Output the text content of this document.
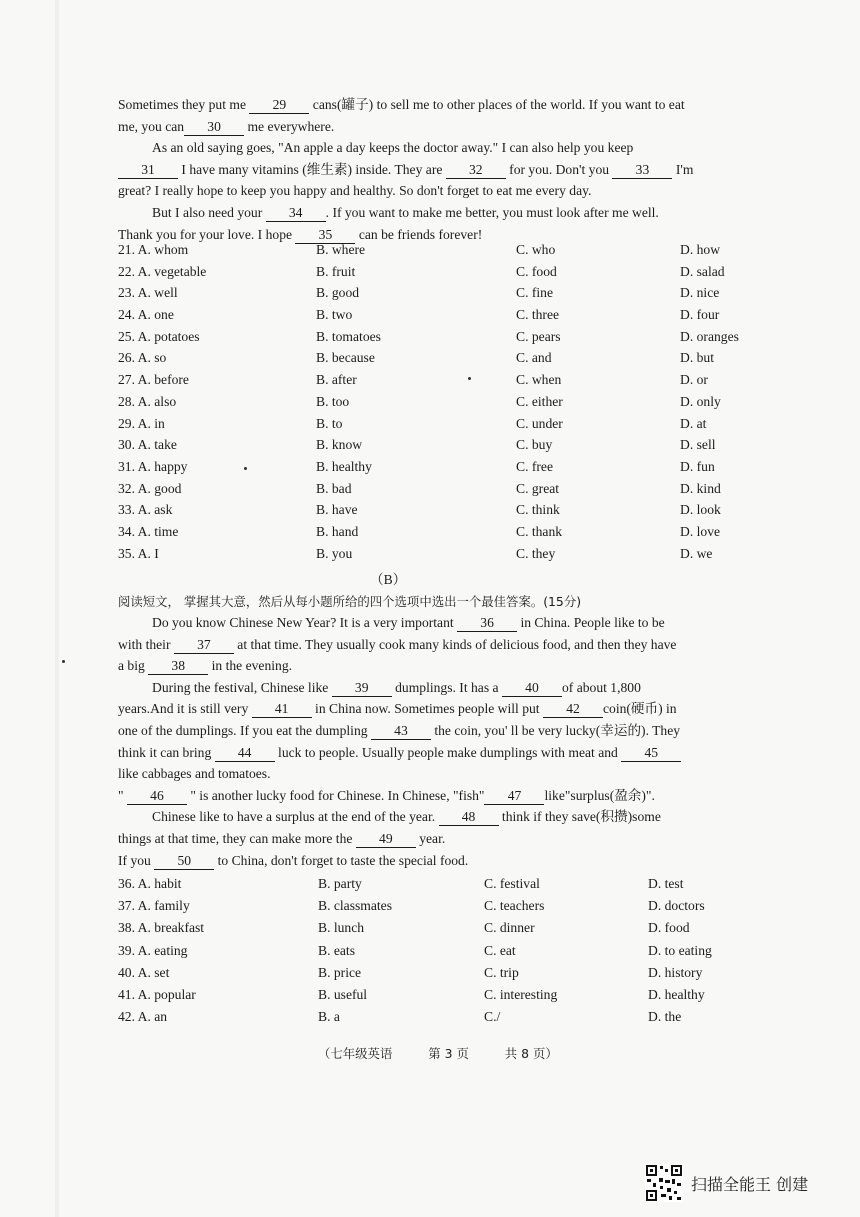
Sometimes they put me 29 cans(罐子) to sell me to other places of the world. If you want to eat

me, you can 30 me everywhere.

As an old saying goes, "An apple a day keeps the doctor away." I can also help you keep

31 I have many vitamins (维生素) inside. They are 32 for you. Don't you 33 I'm

great? I really hope to keep you happy and healthy. So don't forget to eat me every day.

But I also need your 34 . If you want to make me better, you must look after me well.

Thank you for your love. I hope 35 can be friends forever!

21. A. whom	B. where	C. who	D. how
22. A. vegetable	B. fruit	C. food	D. salad
23. A. well	B. good	C. fine	D. nice
24. A. one	B. two	C. three	D. four
25. A. potatoes	B. tomatoes	C. pears	D. oranges
26. A. so	B. because	C. and	D. but
27. A. before	B. after	C. when	D. or
28. A. also	B. too	C. either	D. only
29. A. in	B. to	C. under	D. at
30. A. take	B. know	C. buy	D. sell
31. A. happy	B. healthy	C. free	D. fun
32. A. good	B. bad	C. great	D. kind
33. A. ask	B. have	C. think	D. look
34. A. time	B. hand	C. thank	D. love
35. A. I	B. you	C. they	D. we
（B）
阅读短文， 掌握其大意，然后从每小题所给的四个选项中选出一个最佳答案。(15分)

Do you know Chinese New Year? It is a very important 36 in China. People like to be

with their 37 at that time. They usually cook many kinds of delicious food, and then they have

a big 38 in the evening.

During the festival, Chinese like 39 dumplings. It has a 40 of about 1,800

years.And it is still very 41 in China now. Sometimes people will put 42 coin(硬币) in

one of the dumplings. If you eat the dumpling 43 the coin, you' ll be very lucky(幸运的). They

think it can bring 44 luck to people. Usually people make dumplings with meat and 45

like cabbages and tomatoes.

" 46 " is another lucky food for Chinese. In Chinese, "fish" 47 like"surplus(盈余)".

Chinese like to have a surplus at the end of the year. 48 think if they save(积攒)some

things at that time, they can make more the 49 year.

If you 50 to China, don't forget to taste the special food.

36. A. habit	B. party	C. festival	D. test
37. A. family	B. classmates	C. teachers	D. doctors
38. A. breakfast	B. lunch	C. dinner	D. food
39. A. eating	B. eats	C. eat	D. to eating
40. A. set	B. price	C. trip	D. history
41. A. popular	B. useful	C. interesting	D. healthy
42. A. an	B. a	C./	D. the
（七年级英语	第 3 页	共 8 页）
扫描全能王 创建
